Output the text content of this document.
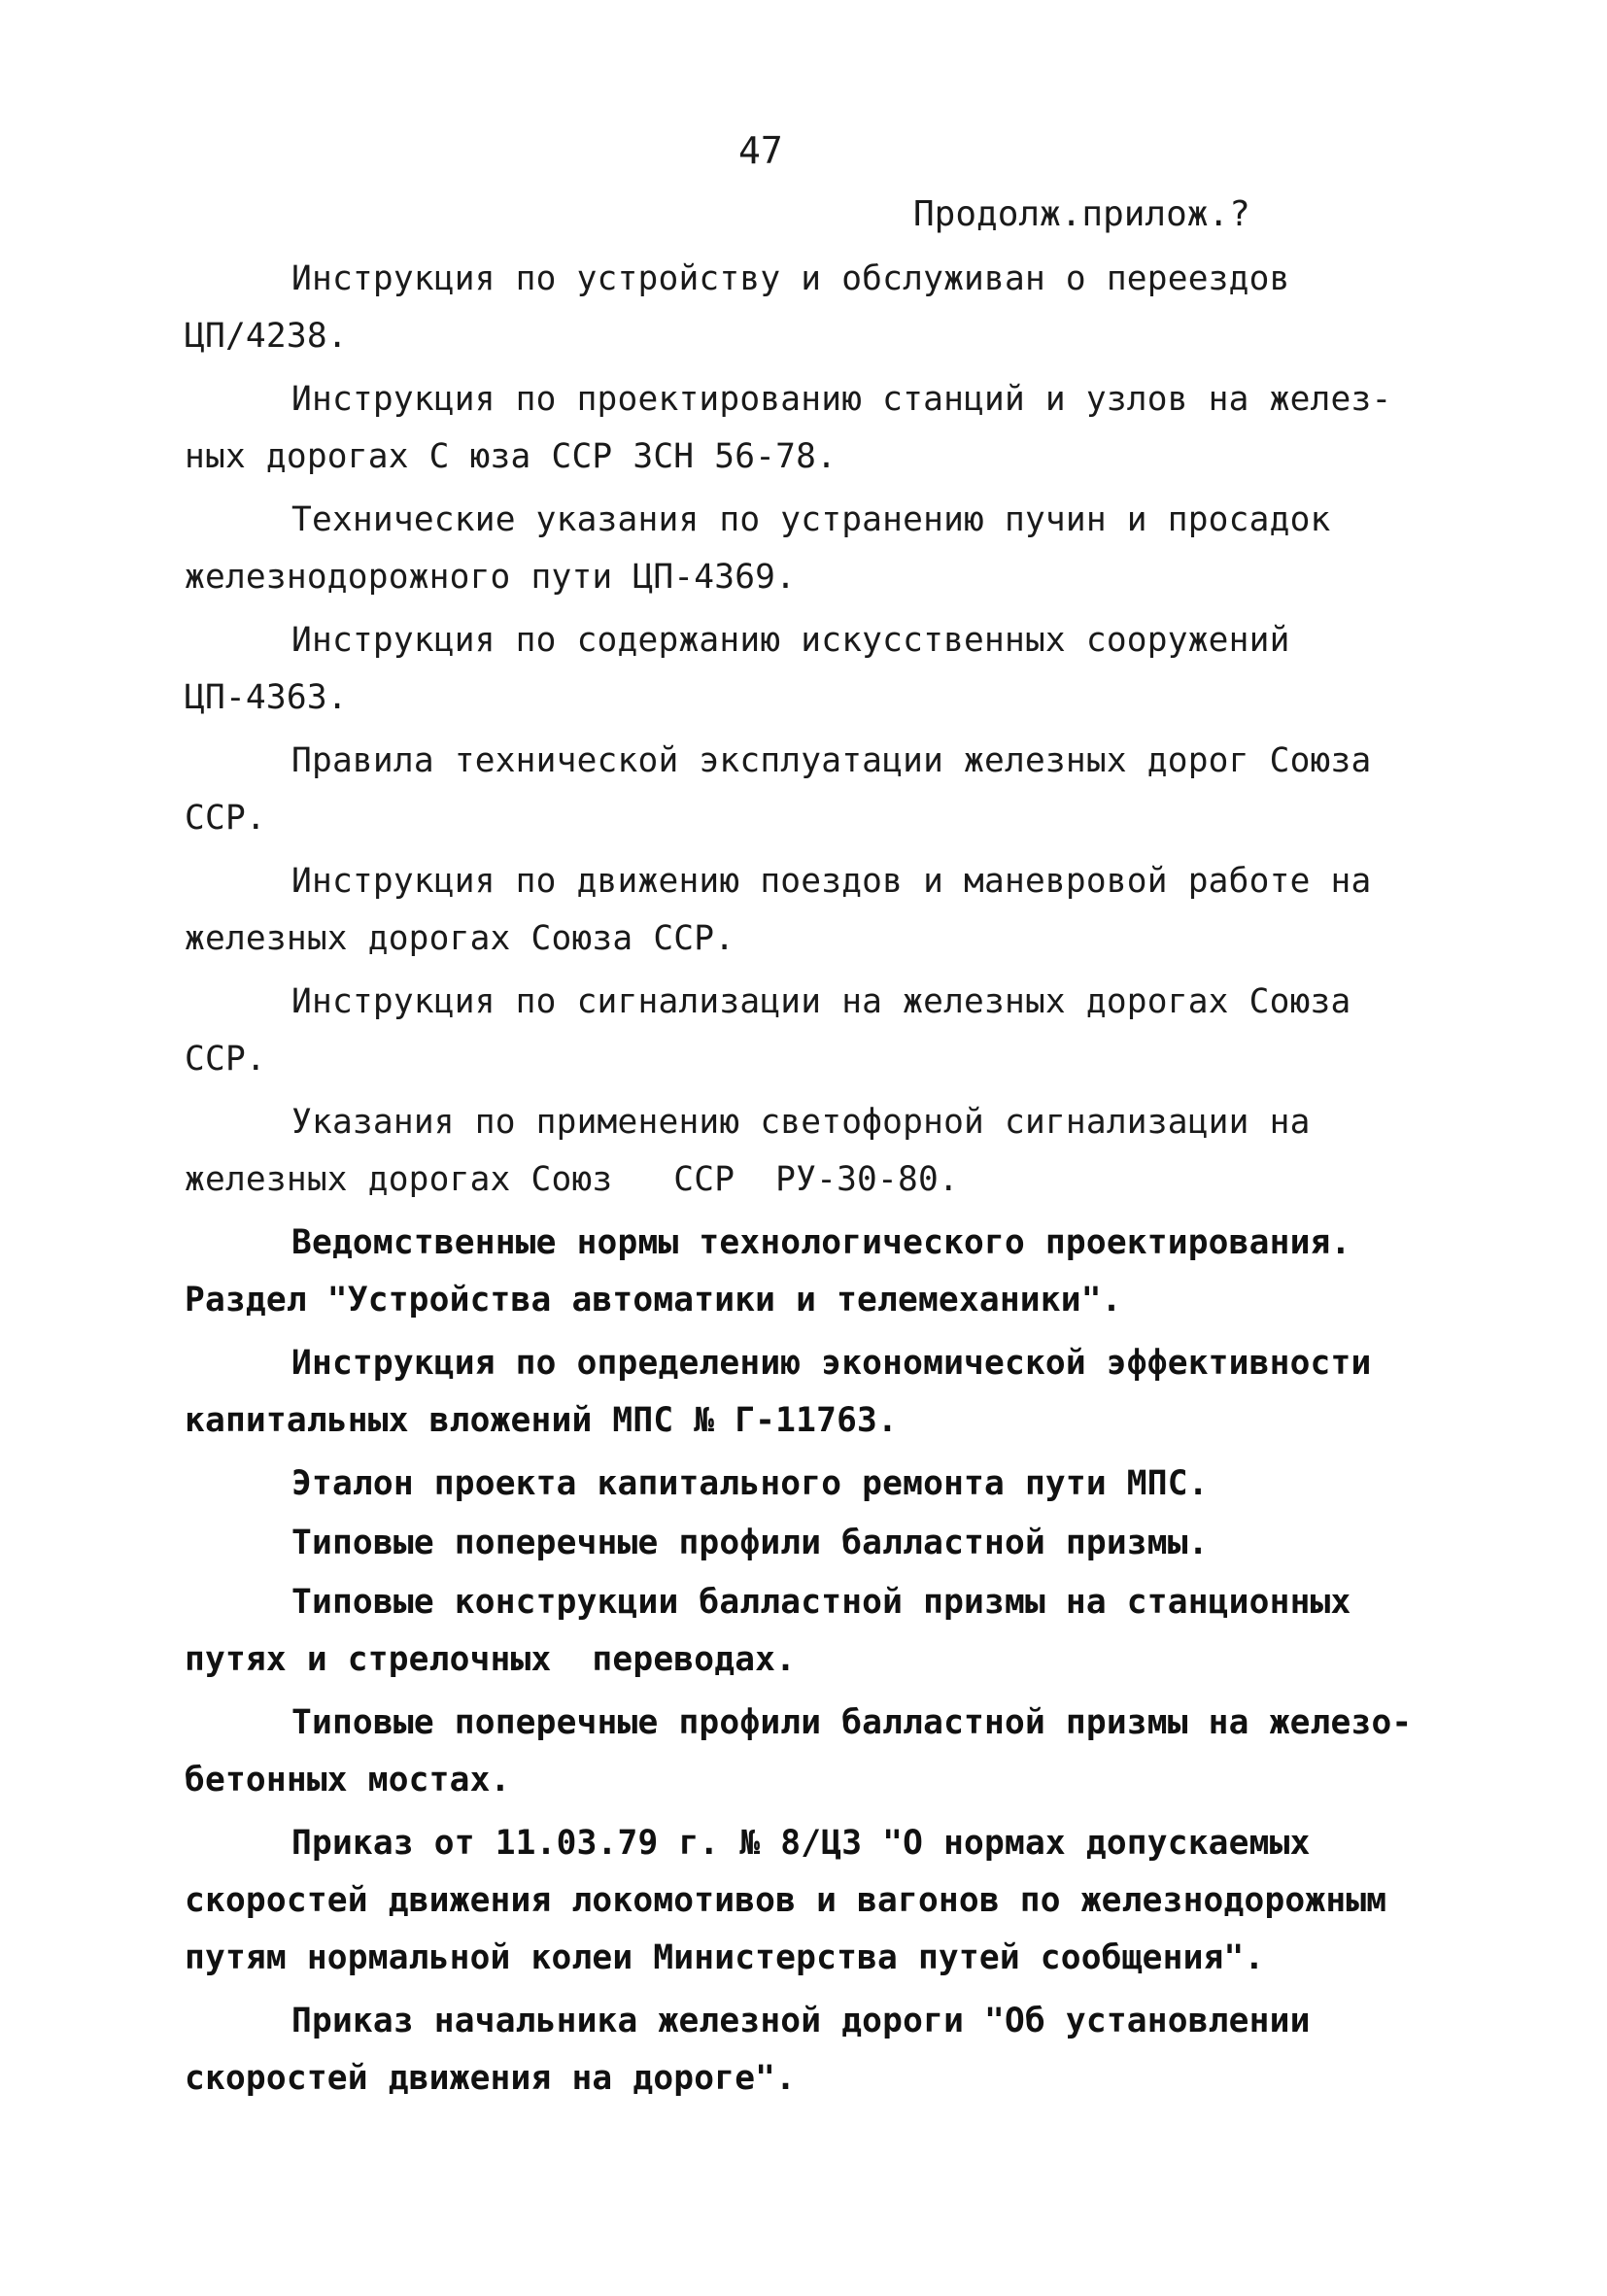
47
Продолж.прилож.?

Инструкция по устройству и обслуживан о переездов
ЦП/4238.

Инструкция по проектированию станций и узлов на желез-
ных дорогах С юза ССР ЗСН 56-78.

Технические указания по устранению пучин и просадок
железнодорожного пути ЦП-4369.

Инструкция по содержанию искусственных сооружений
ЦП-4363.

Правила технической эксплуатации железных дорог Союза
ССР.

Инструкция по движению поездов и маневровой работе на
железных дорогах Союза ССР.

Инструкция по сигнализации на железных дорогах Союза
ССР.

Указания по применению светофорной сигнализации на
железных дорогах Союз   ССР  РУ-30-80.

Ведомственные нормы технологического проектирования.
Раздел "Устройства автоматики и телемеханики".

Инструкция по определению экономической эффективности
капитальных вложений МПС № Г-11763.

Эталон проекта капитального ремонта пути МПС.

Типовые поперечные профили балластной призмы.

Типовые конструкции балластной призмы на станционных
путях и стрелочных  переводах.

Типовые поперечные профили балластной призмы на железо-
бетонных мостах.

Приказ от 11.03.79 г. № 8/ЦЗ "О нормах допускаемых
скоростей движения локомотивов и вагонов по железнодорожным
путям нормальной колеи Министерства путей сообщения".

Приказ начальника железной дороги "Об установлении
скоростей движения на дороге".
